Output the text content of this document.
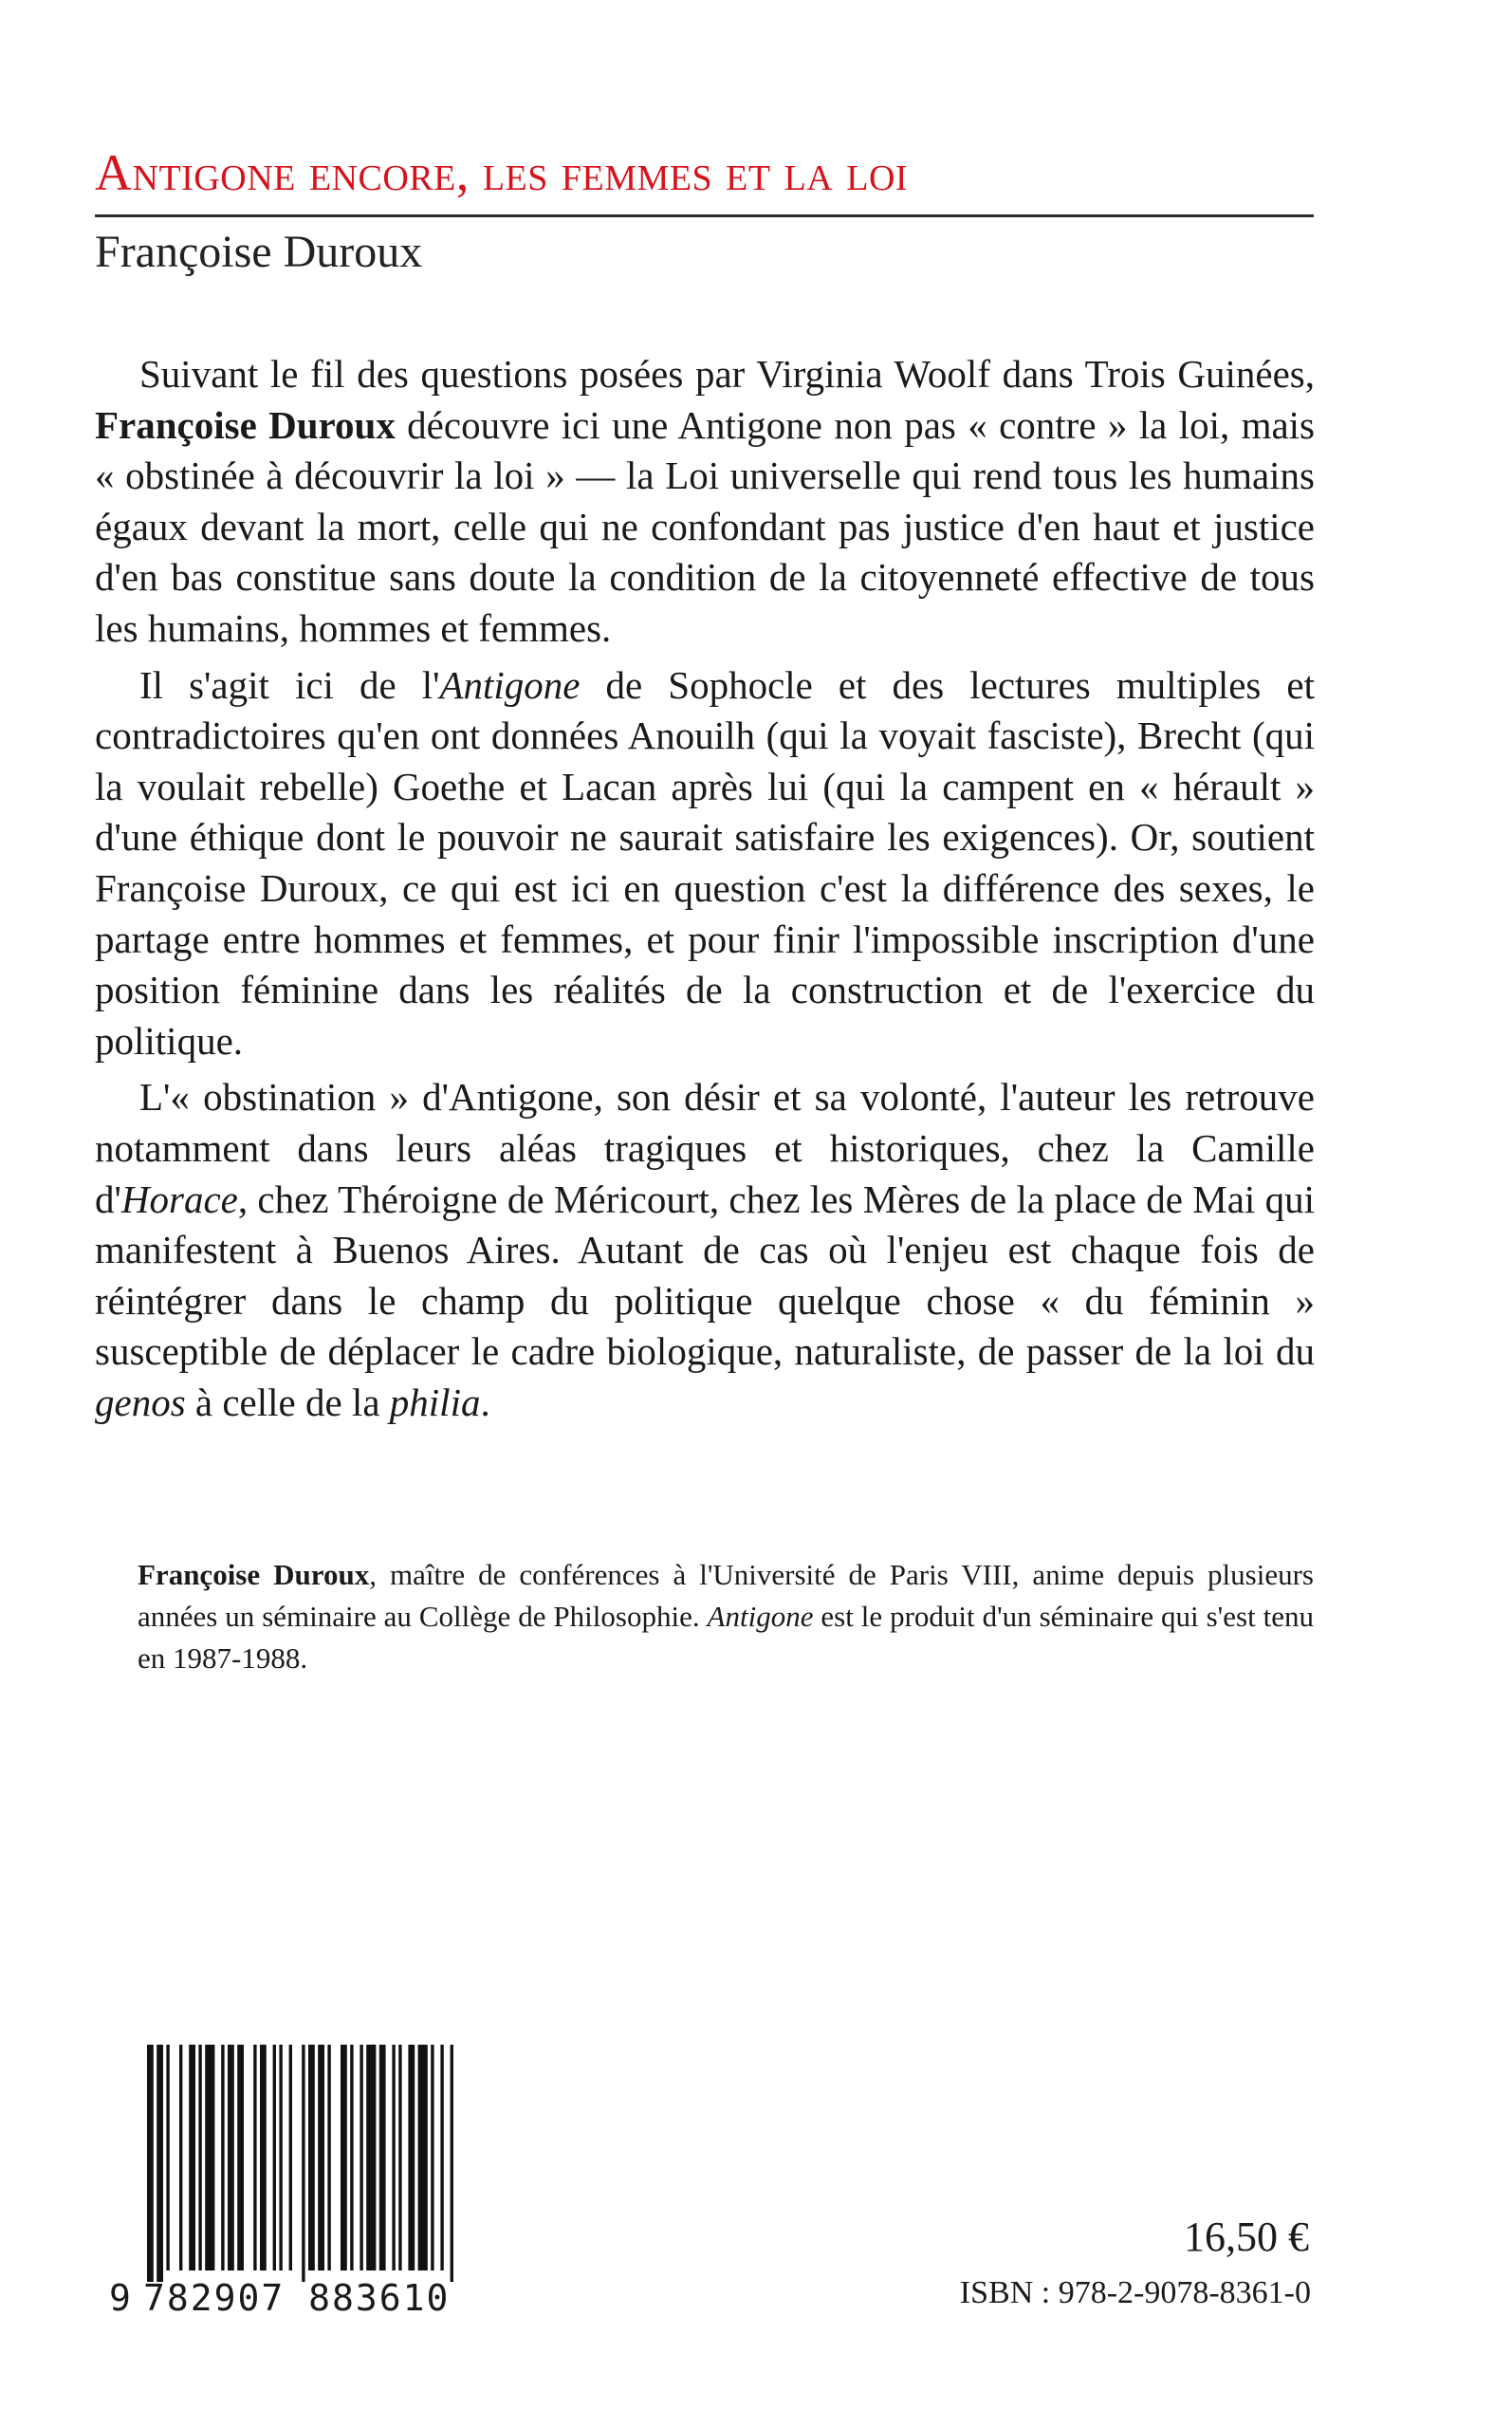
Antigone encore, les femmes et la loi
Françoise Duroux

Suivant le fil des questions posées par Virginia Woolf dans Trois Guinées, Françoise Duroux découvre ici une Antigone non pas « contre » la loi, mais « obstinée à découvrir la loi » — la Loi universelle qui rend tous les humains égaux devant la mort, celle qui ne confondant pas justice d'en haut et justice d'en bas constitue sans doute la condition de la citoyenneté effective de tous les humains, hommes et femmes.

Il s'agit ici de l'Antigone de Sophocle et des lectures multiples et contradictoires qu'en ont données Anouilh (qui la voyait fasciste), Brecht (qui la voulait rebelle) Goethe et Lacan après lui (qui la campent en « hérault » d'une éthique dont le pouvoir ne saurait satisfaire les exigences). Or, soutient Françoise Duroux, ce qui est ici en question c'est la différence des sexes, le partage entre hommes et femmes, et pour finir l'impossible inscription d'une position féminine dans les réalités de la construction et de l'exercice du politique.

L'« obstination » d'Antigone, son désir et sa volonté, l'auteur les retrouve notamment dans leurs aléas tragiques et historiques, chez la Camille d'Horace, chez Théroigne de Méricourt, chez les Mères de la place de Mai qui manifestent à Buenos Aires. Autant de cas où l'enjeu est chaque fois de réintégrer dans le champ du politique quelque chose « du féminin » susceptible de déplacer le cadre biologique, naturaliste, de passer de la loi du genos à celle de la philia.

Françoise Duroux, maître de conférences à l'Université de Paris VIII, anime depuis plusieurs années un séminaire au Collège de Philosophie. Antigone est le produit d'un séminaire qui s'est tenu en 1987-1988.

9 782907 883610
16,50 €
ISBN : 978-2-9078-8361-0
